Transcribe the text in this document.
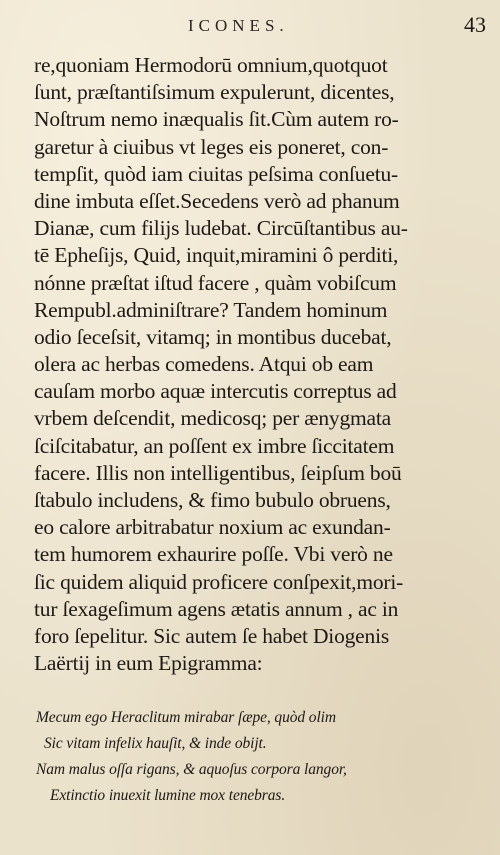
ICONES.	43
re,quoniam Hermodorū omnium,quotquot
ſunt, præſtantiſsimum expulerunt, dicentes,
Noſtrum nemo inæqualis ſit.Cùm autem ro-
garetur à ciuibus vt leges eis poneret, con-
tempſit, quòd iam ciuitas peſsima conſuetu-
dine imbuta eſſet.Secedens verò ad phanum
Dianæ, cum filijs ludebat. Circūſtantibus au-
tē Epheſijs, Quid, inquit,miramini ô perditi,
nónne præſtat iſtud facere , quàm vobiſcum
Rempubl.adminiſtrare? Tandem hominum
odio ſeceſsit, vitamq; in montibus ducebat,
olera ac herbas comedens. Atqui ob eam
cauſam morbo aquæ intercutis correptus ad
vrbem deſcendit, medicosq; per ænygmata
ſciſcitabatur, an poſſent ex imbre ſiccitatem
facere. Illis non intelligentibus, ſeipſum boū
ſtabulo includens, & fimo bubulo obruens,
eo calore arbitrabatur noxium ac exundan-
tem humorem exhaurire poſſe. Vbi verò ne
ſic quidem aliquid proficere conſpexit,mori-
tur ſexageſimum agens ætatis annum , ac in
foro ſepelitur. Sic autem ſe habet Diogenis
Laërtij in eum Epigramma:
Mecum ego Heraclitum mirabar ſæpe, quòd olim
Sic vitam infelix hauſit, & inde obijt.
Nam malus oſſa rigans, & aquoſus corpora langor,
Extinctio inuexit lumine mox tenebras.
